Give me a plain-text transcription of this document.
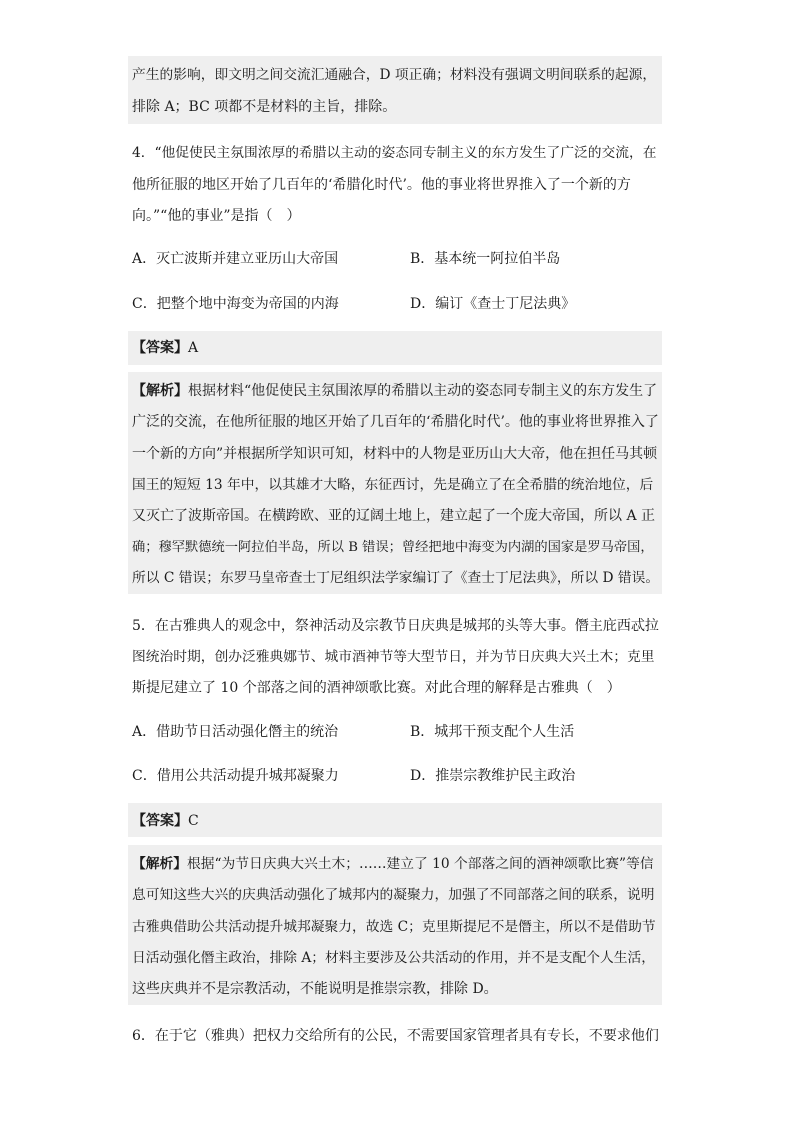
产生的影响，即文明之间交流汇通融合，D 项正确；材料没有强调文明间联系的起源，
排除 A；BC 项都不是材料的主旨，排除。
4．“他促使民主氛围浓厚的希腊以主动的姿态同专制主义的东方发生了广泛的交流，在
他所征服的地区开始了几百年的‘希腊化时代’。他的事业将世界推入了一个新的方
向。”“他的事业”是指（　）
A．灭亡波斯并建立亚历山大帝国	B．基本统一阿拉伯半岛
C．把整个地中海变为帝国的内海	D．编订《查士丁尼法典》
【答案】A
【解析】根据材料“他促使民主氛围浓厚的希腊以主动的姿态同专制主义的东方发生了
广泛的交流，在他所征服的地区开始了几百年的‘希腊化时代’。他的事业将世界推入了
一个新的方向”并根据所学知识可知，材料中的人物是亚历山大大帝，他在担任马其顿
国王的短短 13 年中，以其雄才大略，东征西讨，先是确立了在全希腊的统治地位，后
又灭亡了波斯帝国。在横跨欧、亚的辽阔土地上，建立起了一个庞大帝国，所以 A 正
确；穆罕默德统一阿拉伯半岛，所以 B 错误；曾经把地中海变为内湖的国家是罗马帝国，
所以 C 错误；东罗马皇帝查士丁尼组织法学家编订了《查士丁尼法典》，所以 D 错误。
5．在古雅典人的观念中，祭神活动及宗教节日庆典是城邦的头等大事。僭主庇西忒拉
图统治时期，创办泛雅典娜节、城市酒神节等大型节日，并为节日庆典大兴土木；克里
斯提尼建立了 10 个部落之间的酒神颂歌比赛。对此合理的解释是古雅典（　）
A．借助节日活动强化僭主的统治	B．城邦干预支配个人生活
C．借用公共活动提升城邦凝聚力	D．推崇宗教维护民主政治
【答案】C
【解析】根据“为节日庆典大兴土木；……建立了 10 个部落之间的酒神颂歌比赛”等信
息可知这些大兴的庆典活动强化了城邦内的凝聚力，加强了不同部落之间的联系，说明
古雅典借助公共活动提升城邦凝聚力，故选 C；克里斯提尼不是僭主，所以不是借助节
日活动强化僭主政治，排除 A；材料主要涉及公共活动的作用，并不是支配个人生活，
这些庆典并不是宗教活动，不能说明是推崇宗教，排除 D。
6．在于它（雅典）把权力交给所有的公民，不需要国家管理者具有专长，不要求他们
